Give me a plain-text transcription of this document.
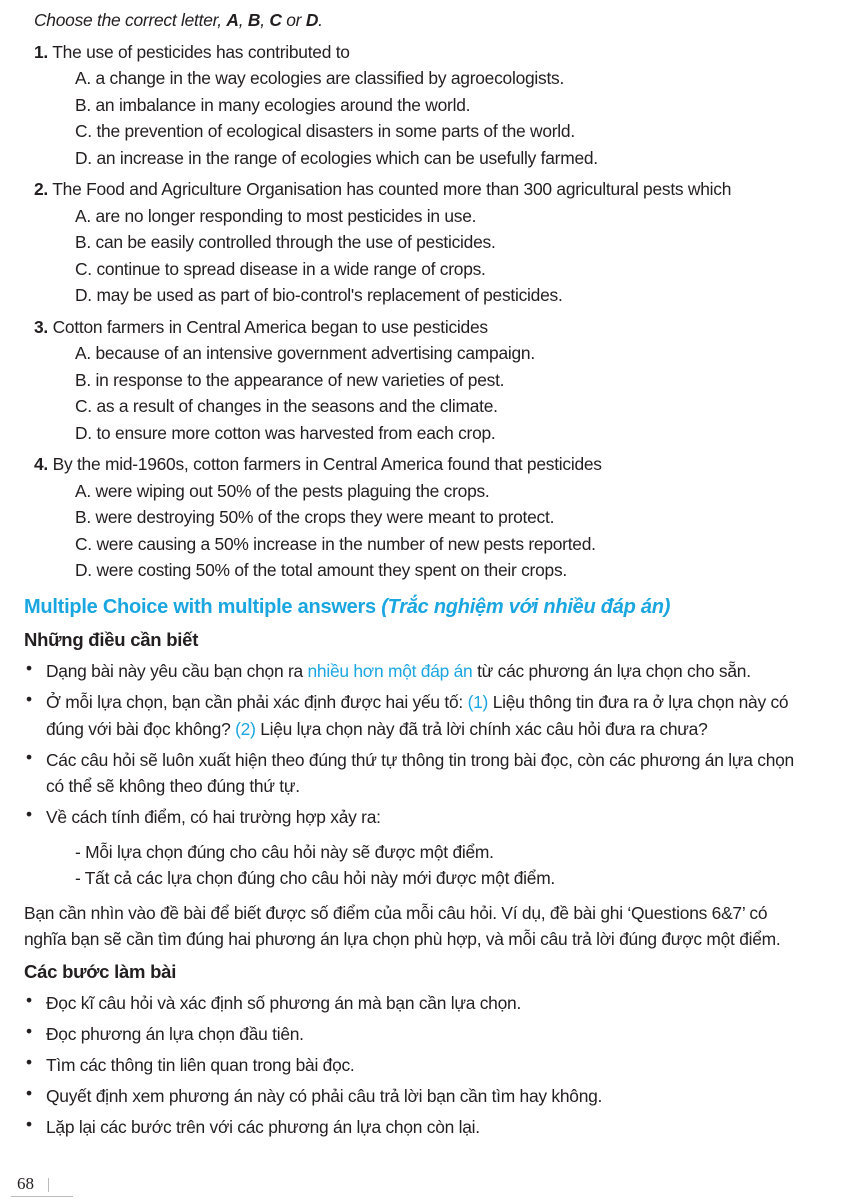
Choose the correct letter, A, B, C or D.
1. The use of pesticides has contributed to
A. a change in the way ecologies are classified by agroecologists.
B. an imbalance in many ecologies around the world.
C. the prevention of ecological disasters in some parts of the world.
D. an increase in the range of ecologies which can be usefully farmed.
2. The Food and Agriculture Organisation has counted more than 300 agricultural pests which
A. are no longer responding to most pesticides in use.
B. can be easily controlled through the use of pesticides.
C. continue to spread disease in a wide range of crops.
D. may be used as part of bio-control's replacement of pesticides.
3. Cotton farmers in Central America began to use pesticides
A. because of an intensive government advertising campaign.
B. in response to the appearance of new varieties of pest.
C. as a result of changes in the seasons and the climate.
D. to ensure more cotton was harvested from each crop.
4. By the mid-1960s, cotton farmers in Central America found that pesticides
A. were wiping out 50% of the pests plaguing the crops.
B. were destroying 50% of the crops they were meant to protect.
C. were causing a 50% increase in the number of new pests reported.
D. were costing 50% of the total amount they spent on their crops.
Multiple Choice with multiple answers (Trắc nghiệm với nhiều đáp án)
Những điều cần biết
• Dạng bài này yêu cầu bạn chọn ra nhiều hơn một đáp án từ các phương án lựa chọn cho sẵn.
• Ở mỗi lựa chọn, bạn cần phải xác định được hai yếu tố: (1) Liệu thông tin đưa ra ở lựa chọn này có
đúng với bài đọc không? (2) Liệu lựa chọn này đã trả lời chính xác câu hỏi đưa ra chưa?
• Các câu hỏi sẽ luôn xuất hiện theo đúng thứ tự thông tin trong bài đọc, còn các phương án lựa chọn
có thể sẽ không theo đúng thứ tự.
• Về cách tính điểm, có hai trường hợp xảy ra:
- Mỗi lựa chọn đúng cho câu hỏi này sẽ được một điểm.
- Tất cả các lựa chọn đúng cho câu hỏi này mới được một điểm.
Bạn cần nhìn vào đề bài để biết được số điểm của mỗi câu hỏi. Ví dụ, đề bài ghi ‘Questions 6&7’ có
nghĩa bạn sẽ cần tìm đúng hai phương án lựa chọn phù hợp, và mỗi câu trả lời đúng được một điểm.
Các bước làm bài
• Đọc kĩ câu hỏi và xác định số phương án mà bạn cần lựa chọn.
• Đọc phương án lựa chọn đầu tiên.
• Tìm các thông tin liên quan trong bài đọc.
• Quyết định xem phương án này có phải câu trả lời bạn cần tìm hay không.
• Lặp lại các bước trên với các phương án lựa chọn còn lại.
68
